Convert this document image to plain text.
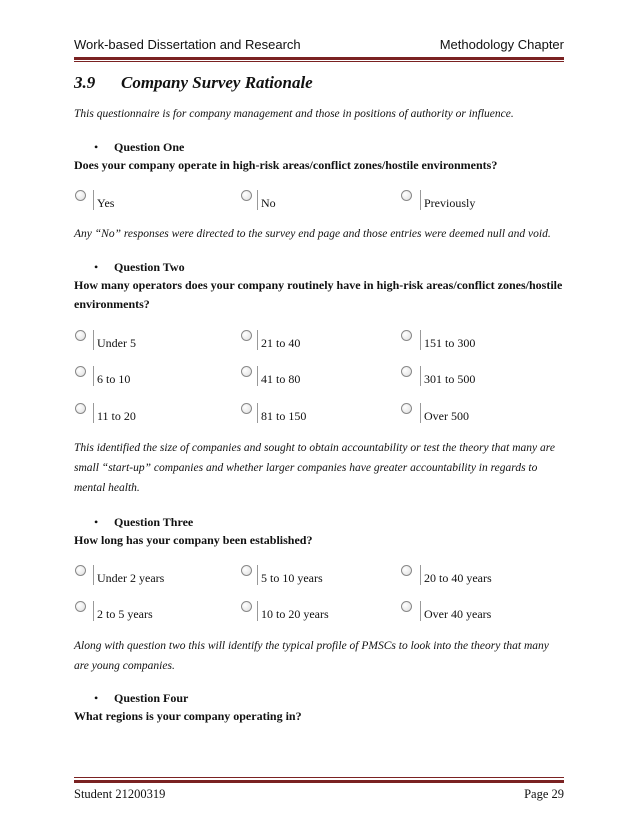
Work-based Dissertation and Research	Methodology Chapter
3.9 Company Survey Rationale
This questionnaire is for company management and those in positions of authority or influence.
• Question One
Does your company operate in high-risk areas/conflict zones/hostile environments?
Yes	No	Previously
Any “No” responses were directed to the survey end page and those entries were deemed null and void.
• Question Two
How many operators does your company routinely have in high-risk areas/conflict zones/hostile
environments?
Under 5	21 to 40	151 to 300
6 to 10	41 to 80	301 to 500
11 to 20	81 to 150	Over 500
This identified the size of companies and sought to obtain accountability or test the theory that many are
small “start-up” companies and whether larger companies have greater accountability in regards to
mental health.
• Question Three
How long has your company been established?
Under 2 years	5 to 10 years	20 to 40 years
2 to 5 years	10 to 20 years	Over 40 years
Along with question two this will identify the typical profile of PMSCs to look into the theory that many
are young companies.
• Question Four
What regions is your company operating in?
Student 21200319	Page 29
